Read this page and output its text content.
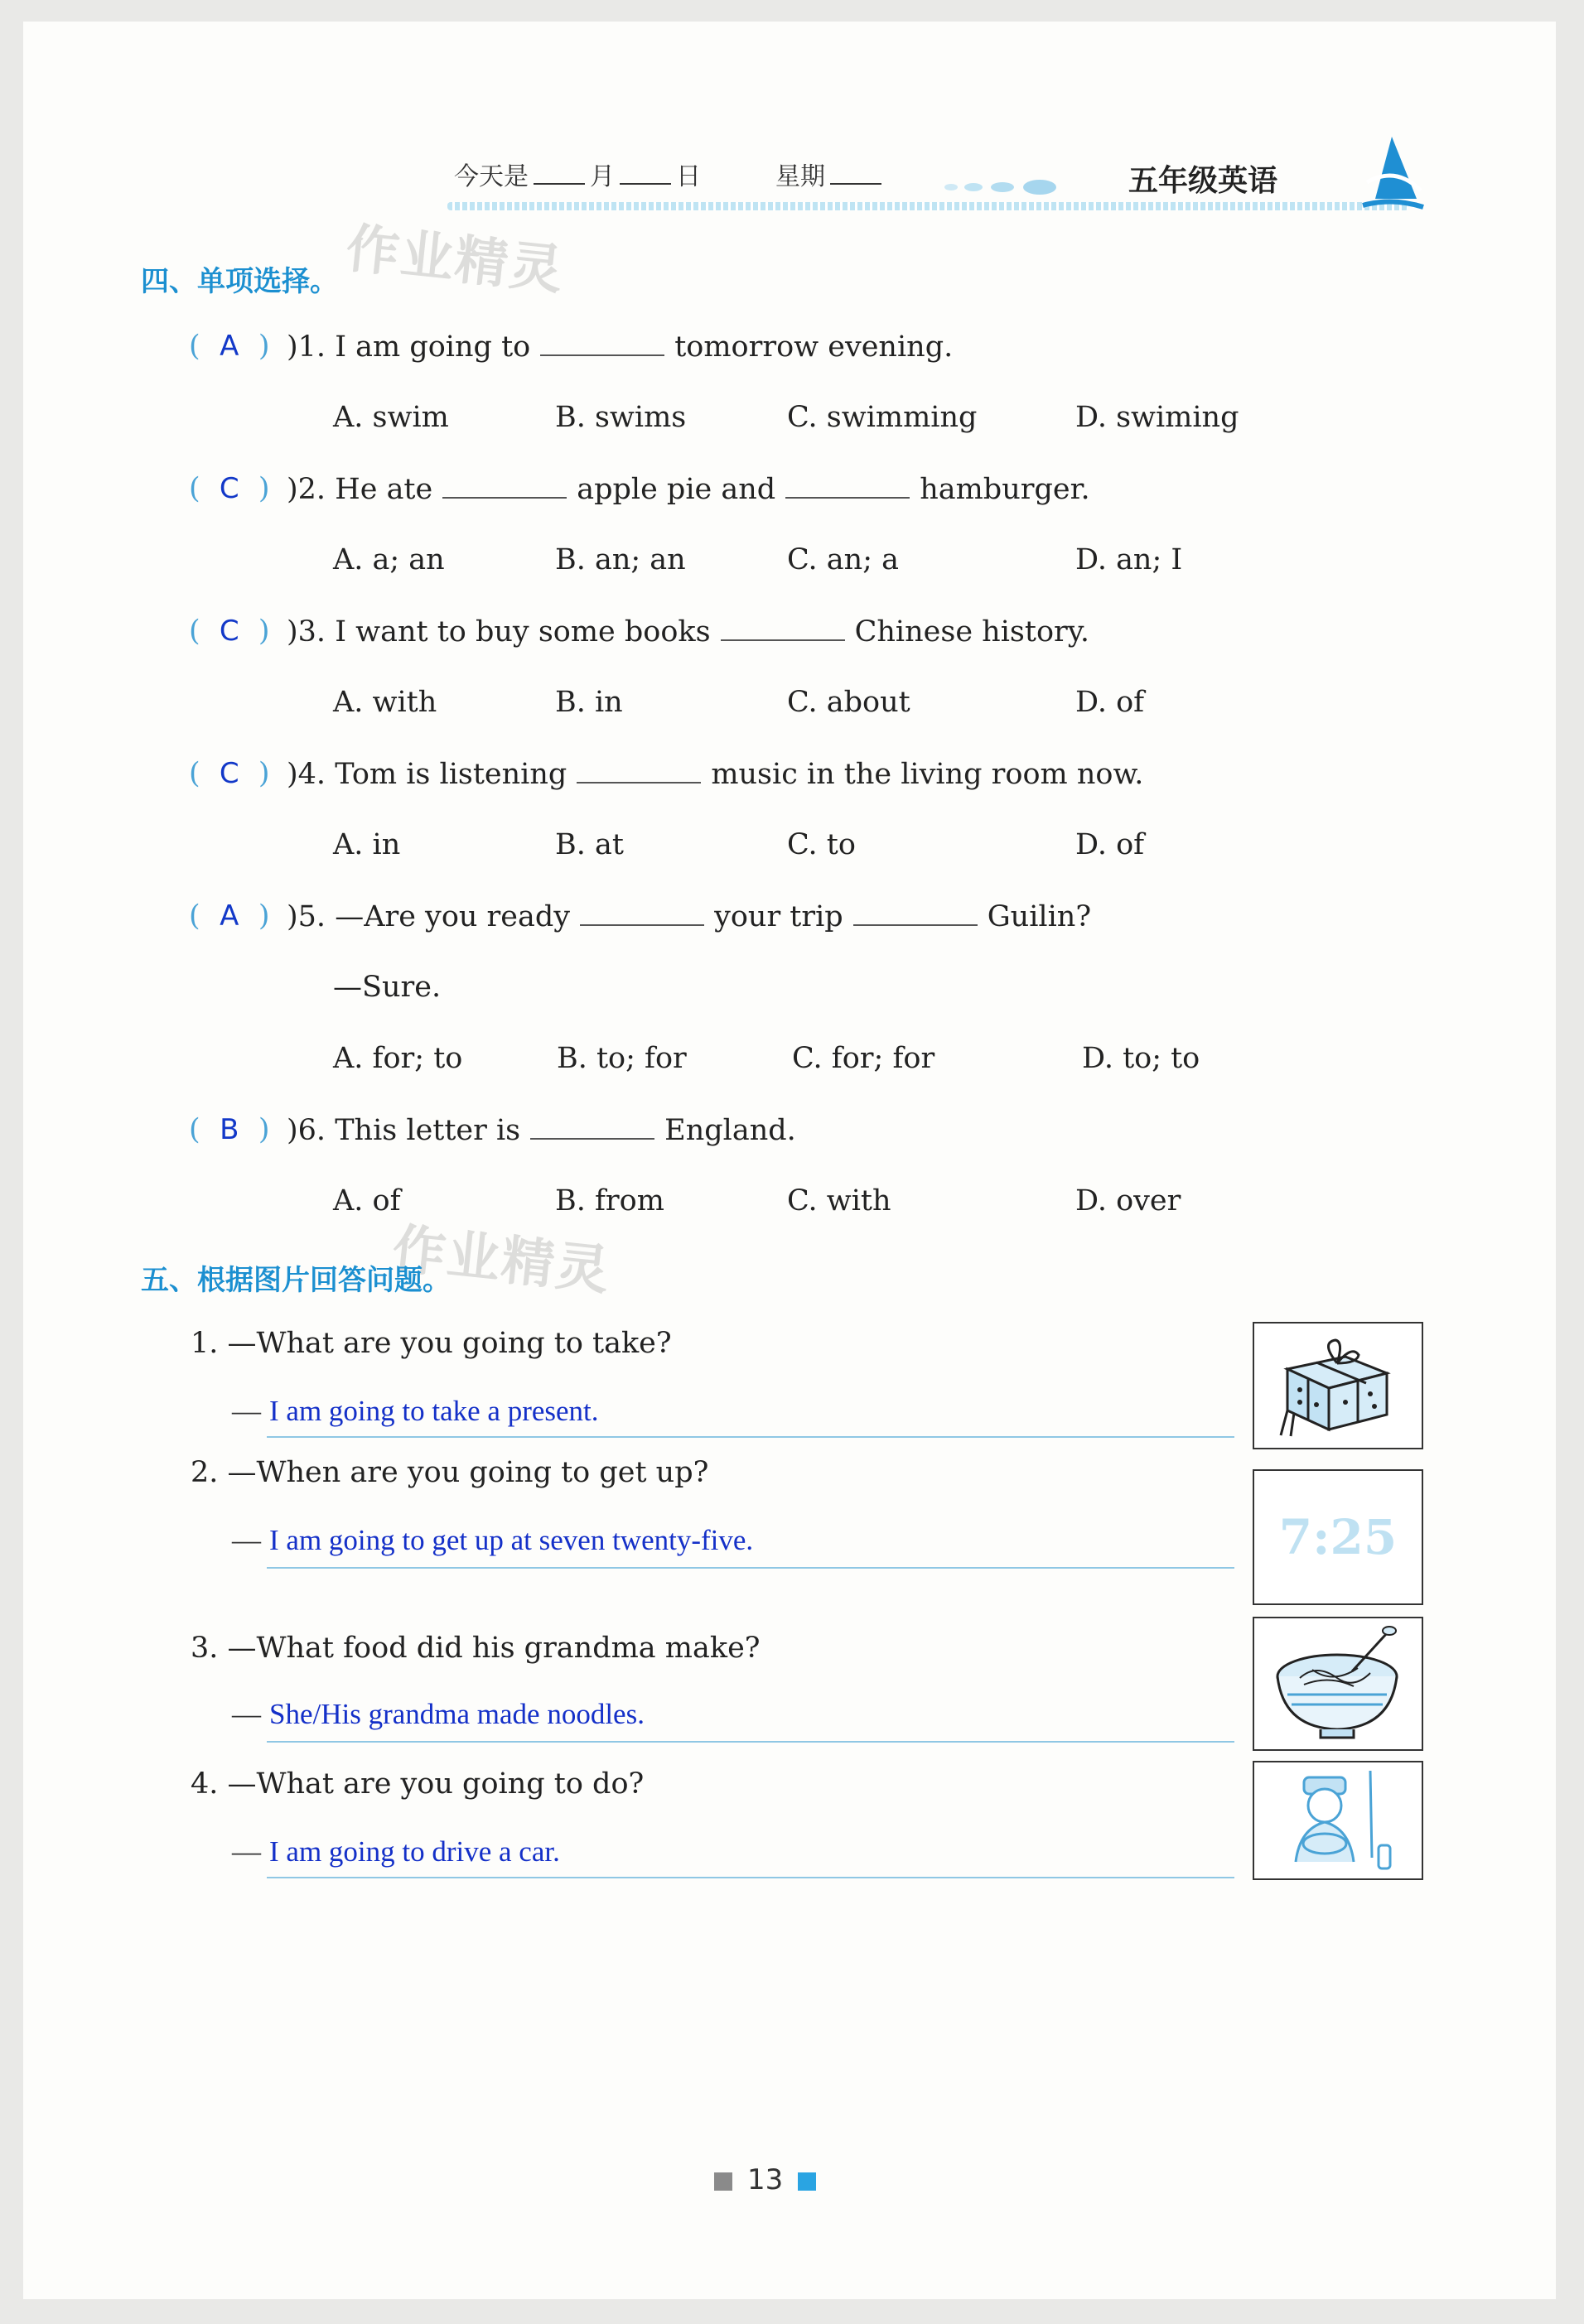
今天是 月 日	星期	五年级英语
作业精灵
作业精灵
四、单项选择。
( A ) )1. I am going to	tomorrow evening.
A. swim	B. swims	C. swimming	D. swiming
( C ) )2. He ate	apple pie and	hamburger.
A. a; an	B. an; an	C. an; a	D. an; I
( C ) )3. I want to buy some books	Chinese history.
A. with	B. in	C. about	D. of
( C ) )4. Tom is listening	music in the living room now.
A. in	B. at	C. to	D. of
( A ) )5. —Are you ready	your trip	Guilin?
—Sure.
A. for; to	B. to; for	C. for; for	D. to; to
( B ) )6. This letter is	England.
A. of	B. from	C. with	D. over
五、根据图片回答问题。
1. —What are you going to take?
— I am going to take a present.
2. —When are you going to get up?
— I am going to get up at seven twenty-five.	7:25
3. —What food did his grandma make?
— She/His grandma made noodles.
4. —What are you going to do?
— I am going to drive a car.
13
